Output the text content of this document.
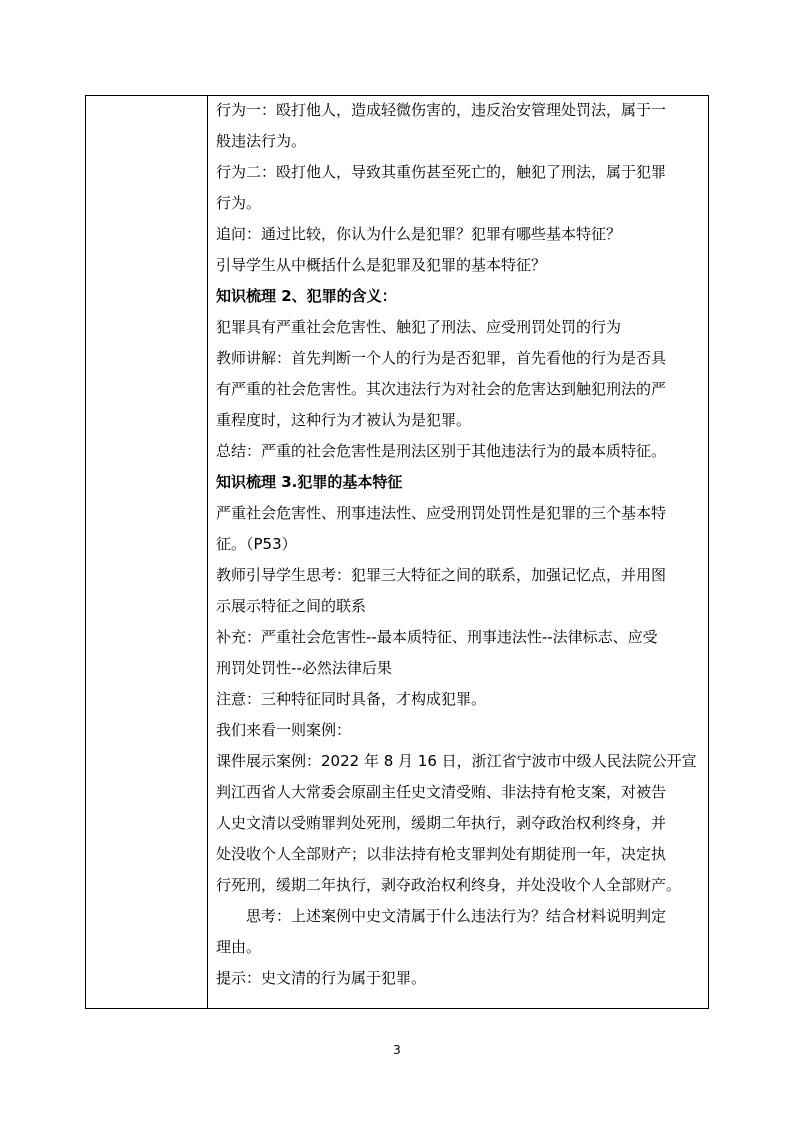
行为一：殴打他人，造成轻微伤害的，违反治安管理处罚法，属于一
般违法行为。
行为二：殴打他人，导致其重伤甚至死亡的，触犯了刑法，属于犯罪
行为。
追问：通过比较，你认为什么是犯罪？犯罪有哪些基本特征？
引导学生从中概括什么是犯罪及犯罪的基本特征？
知识梳理 2、犯罪的含义：
犯罪具有严重社会危害性、触犯了刑法、应受刑罚处罚的行为
教师讲解：首先判断一个人的行为是否犯罪，首先看他的行为是否具
有严重的社会危害性。其次违法行为对社会的危害达到触犯刑法的严
重程度时，这种行为才被认为是犯罪。
总结：严重的社会危害性是刑法区别于其他违法行为的最本质特征。
知识梳理 3.犯罪的基本特征
严重社会危害性、刑事违法性、应受刑罚处罚性是犯罪的三个基本特
征。（P53）
教师引导学生思考：犯罪三大特征之间的联系，加强记忆点，并用图
示展示特征之间的联系
补充：严重社会危害性--最本质特征、刑事违法性--法律标志、应受
刑罚处罚性--必然法律后果
注意：三种特征同时具备，才构成犯罪。
我们来看一则案例：
课件展示案例：2022 年 8 月 16 日，浙江省宁波市中级人民法院公开宣
判江西省人大常委会原副主任史文清受贿、非法持有枪支案，对被告
人史文清以受贿罪判处死刑，缓期二年执行，剥夺政治权利终身，并
处没收个人全部财产；以非法持有枪支罪判处有期徒刑一年，决定执
行死刑，缓期二年执行，剥夺政治权利终身，并处没收个人全部财产。
思考：上述案例中史文清属于什么违法行为？结合材料说明判定
理由。
提示：史文清的行为属于犯罪。
3
